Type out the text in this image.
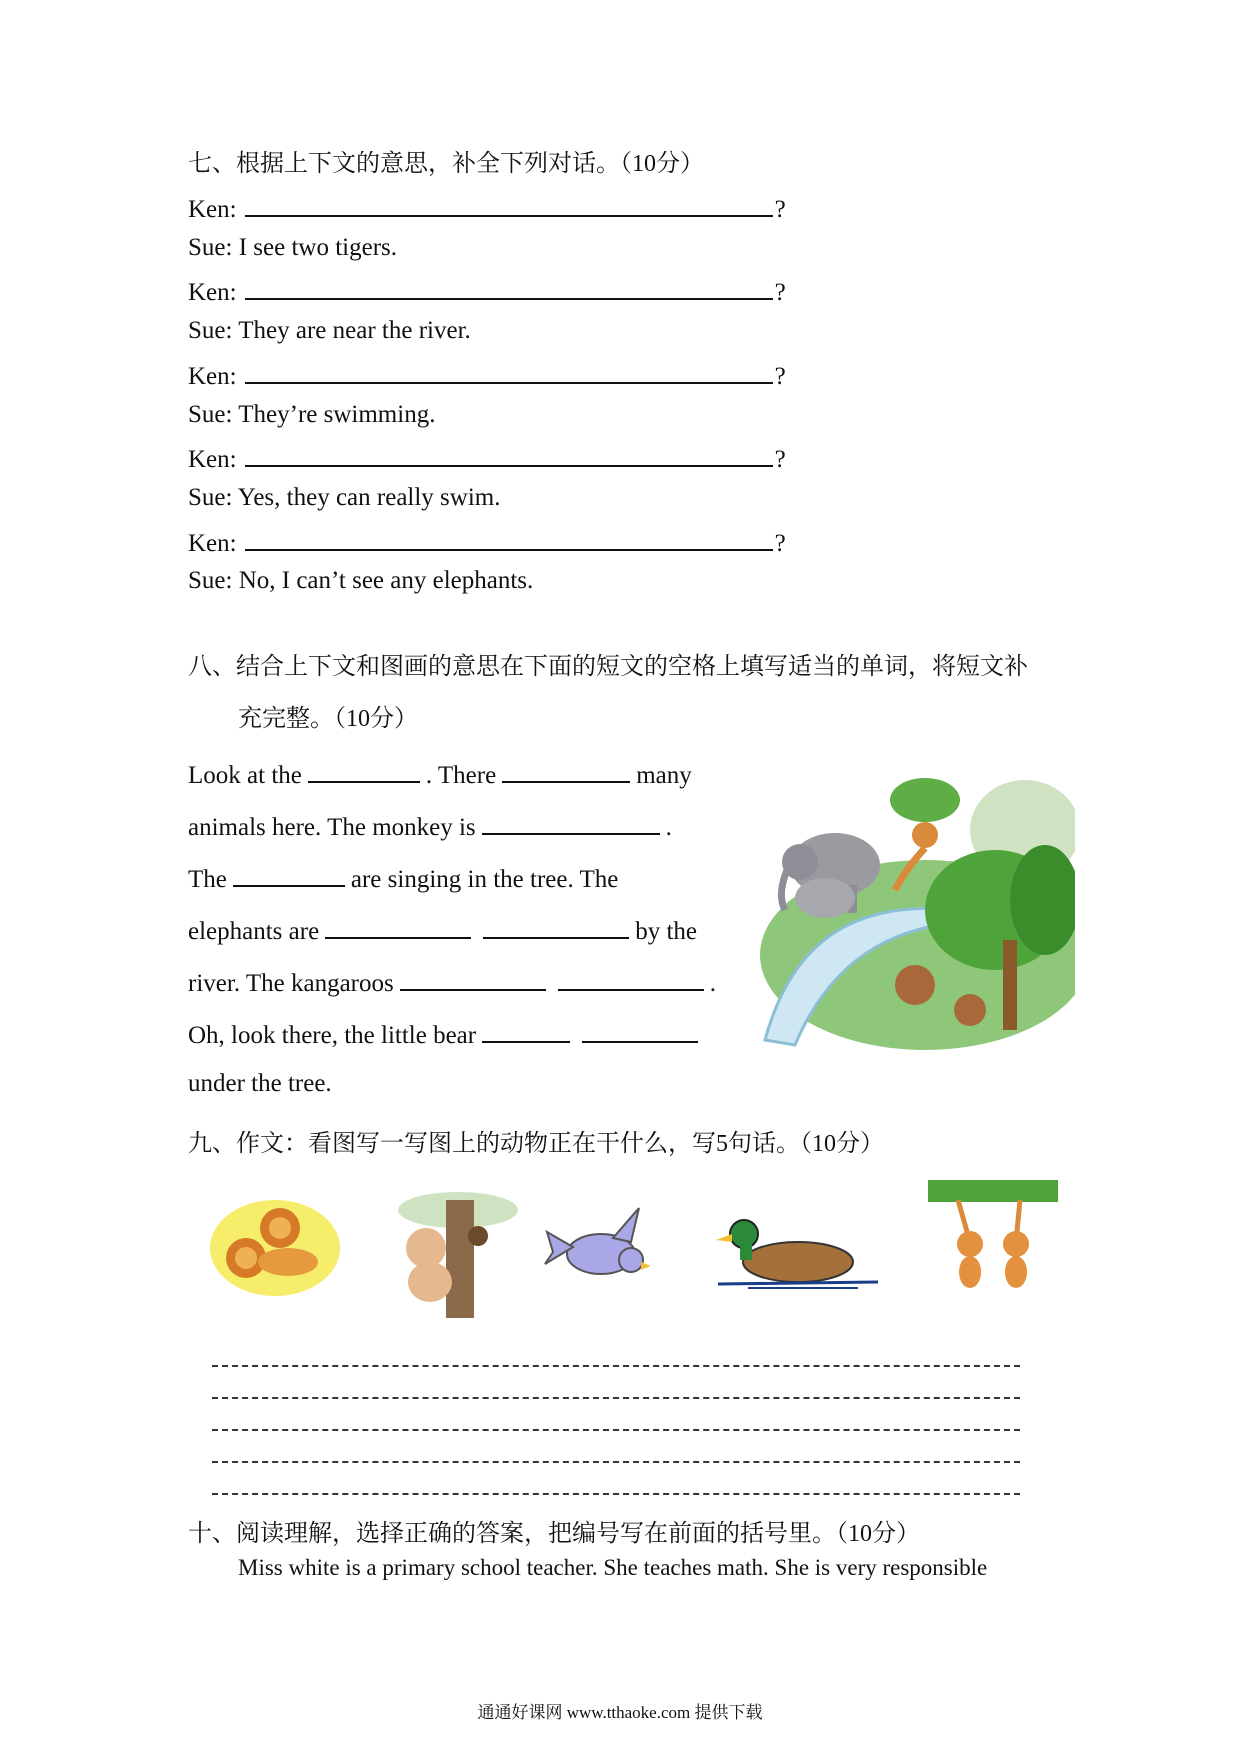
七、根据上下文的意思，补全下列对话。（10分）
Ken:	?
Sue: I see two tigers.
Ken:	?
Sue: They are near the river.
Ken:	?
Sue: They’re swimming.
Ken:	?
Sue: Yes, they can really swim.
Ken:	?
Sue: No, I can’t see any elephants.
八、结合上下文和图画的意思在下面的短文的空格上填写适当的单词，将短文补
充完整。（10分）
Look at the	. There	many
animals here. The monkey is	.
The	are singing in the tree. The
elephants are	by the
river. The kangaroos	.
Oh, look there, the little bear
under the tree.
九、作文：看图写一写图上的动物正在干什么，写5句话。（10分）
十、阅读理解，选择正确的答案，把编号写在前面的括号里。（10分）
Miss white is a primary school teacher. She teaches math. She is very responsible
通通好课网 www.tthaoke.com 提供下载
